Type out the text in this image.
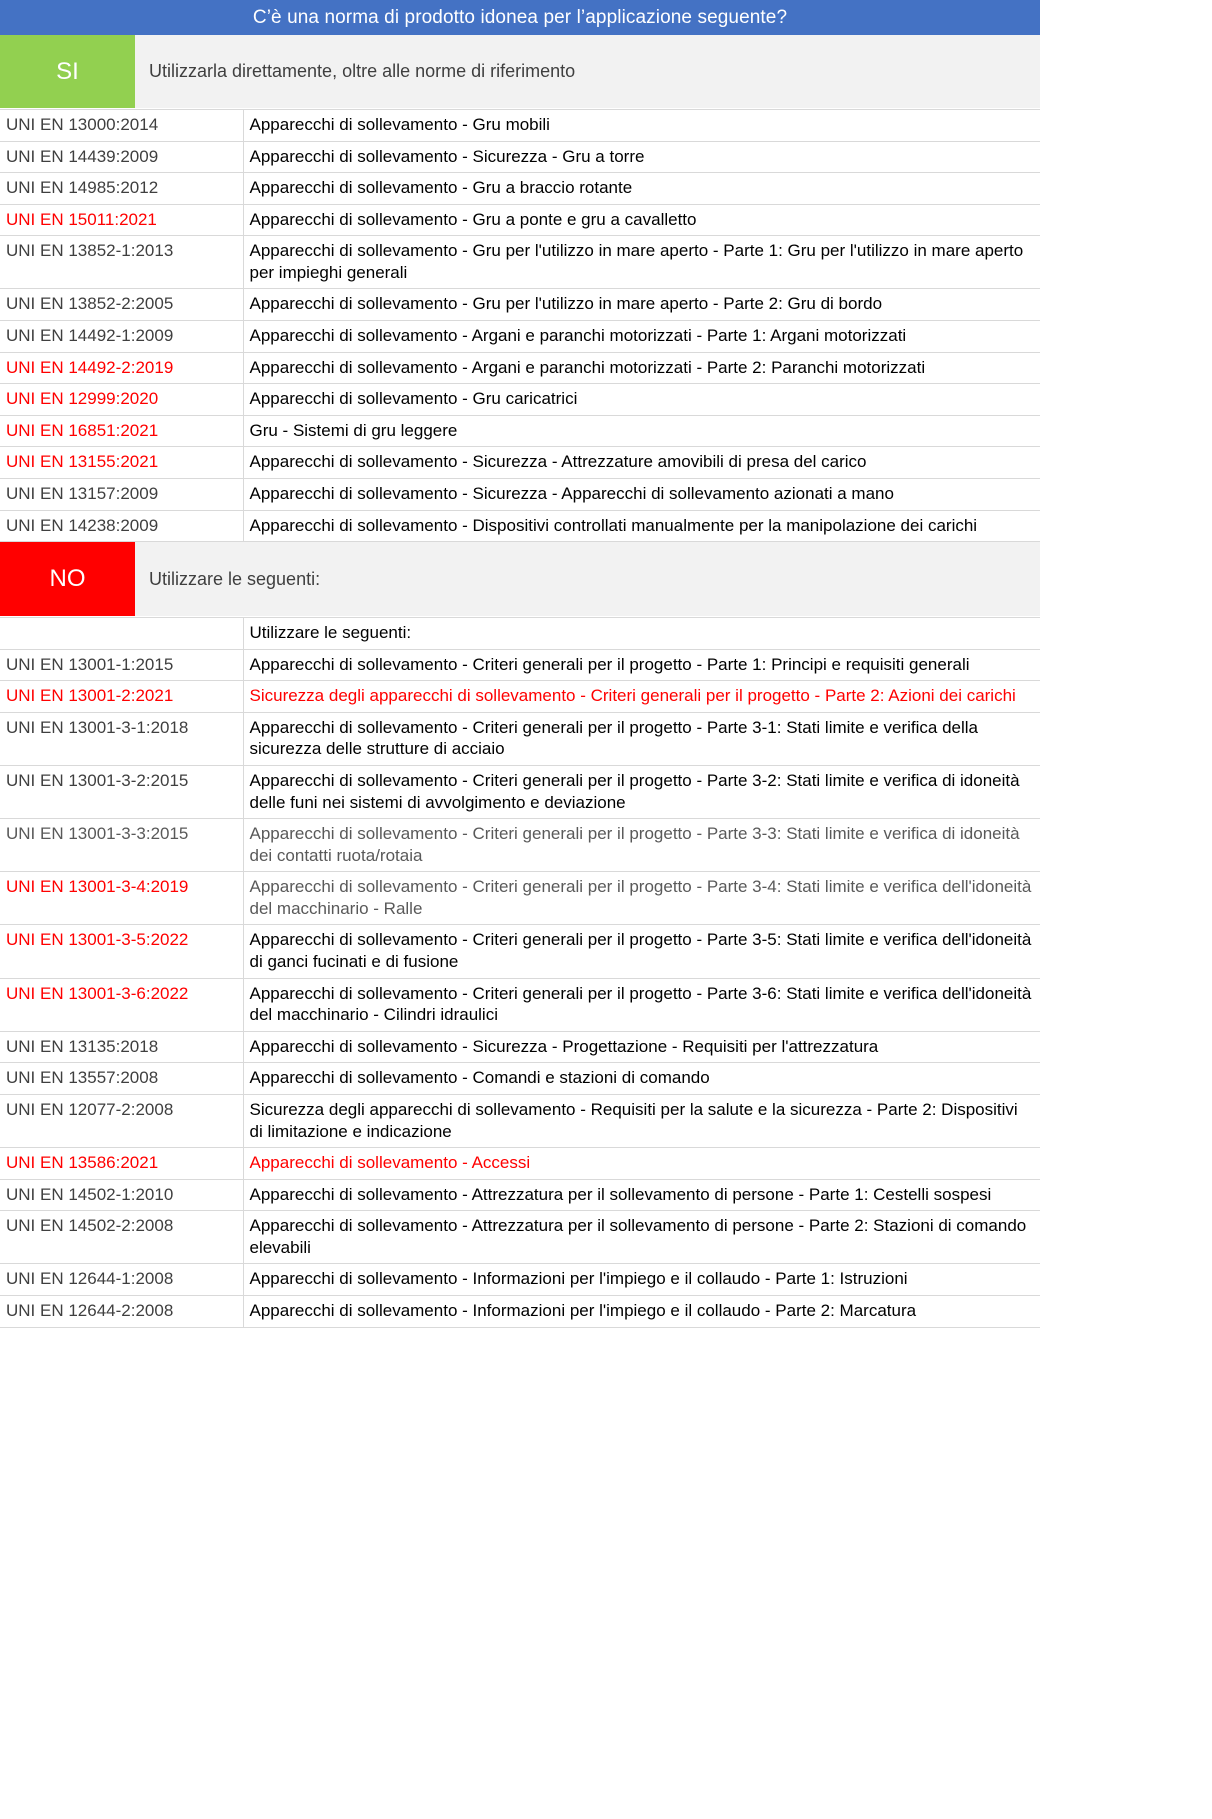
C’è una norma di prodotto idonea per l’applicazione seguente?
SI	Utilizzarla direttamente, oltre alle norme di riferimento
UNI EN 13000:2014	Apparecchi di sollevamento - Gru mobili
UNI EN 14439:2009	Apparecchi di sollevamento - Sicurezza - Gru a torre
UNI EN 14985:2012	Apparecchi di sollevamento - Gru a braccio rotante
UNI EN 15011:2021	Apparecchi di sollevamento - Gru a ponte e gru a cavalletto
UNI EN 13852-1:2013	Apparecchi di sollevamento - Gru per l'utilizzo in mare aperto - Parte 1: Gru per l'utilizzo in mare aperto per impieghi generali
UNI EN 13852-2:2005	Apparecchi di sollevamento - Gru per l'utilizzo in mare aperto - Parte 2: Gru di bordo
UNI EN 14492-1:2009	Apparecchi di sollevamento - Argani e paranchi motorizzati - Parte 1: Argani motorizzati
UNI EN 14492-2:2019	Apparecchi di sollevamento - Argani e paranchi motorizzati - Parte 2: Paranchi motorizzati
UNI EN 12999:2020	Apparecchi di sollevamento - Gru caricatrici
UNI EN 16851:2021	Gru - Sistemi di gru leggere
UNI EN 13155:2021	Apparecchi di sollevamento - Sicurezza - Attrezzature amovibili di presa del carico
UNI EN 13157:2009	Apparecchi di sollevamento - Sicurezza - Apparecchi di sollevamento azionati a mano
UNI EN 14238:2009	Apparecchi di sollevamento - Dispositivi controllati manualmente per la manipolazione dei carichi
NO	Utilizzare le seguenti:
	Utilizzare le seguenti:
UNI EN 13001-1:2015	Apparecchi di sollevamento - Criteri generali per il progetto - Parte 1: Principi e requisiti generali
UNI EN 13001-2:2021	Sicurezza degli apparecchi di sollevamento - Criteri generali per il progetto - Parte 2: Azioni dei carichi
UNI EN 13001-3-1:2018	Apparecchi di sollevamento - Criteri generali per il progetto - Parte 3-1: Stati limite e verifica della sicurezza delle strutture di acciaio
UNI EN 13001-3-2:2015	Apparecchi di sollevamento - Criteri generali per il progetto - Parte 3-2: Stati limite e verifica di idoneità delle funi nei sistemi di avvolgimento e deviazione
UNI EN 13001-3-3:2015	Apparecchi di sollevamento - Criteri generali per il progetto - Parte 3-3: Stati limite e verifica di idoneità dei contatti ruota/rotaia
UNI EN 13001-3-4:2019	Apparecchi di sollevamento - Criteri generali per il progetto - Parte 3-4: Stati limite e verifica dell'idoneità del macchinario - Ralle
UNI EN 13001-3-5:2022	Apparecchi di sollevamento - Criteri generali per il progetto - Parte 3-5: Stati limite e verifica dell'idoneità di ganci fucinati e di fusione
UNI EN 13001-3-6:2022	Apparecchi di sollevamento - Criteri generali per il progetto - Parte 3-6: Stati limite e verifica dell'idoneità del macchinario - Cilindri idraulici
UNI EN 13135:2018	Apparecchi di sollevamento - Sicurezza - Progettazione - Requisiti per l'attrezzatura
UNI EN 13557:2008	Apparecchi di sollevamento - Comandi e stazioni di comando
UNI EN 12077-2:2008	Sicurezza degli apparecchi di sollevamento - Requisiti per la salute e la sicurezza - Parte 2: Dispositivi di limitazione e indicazione
UNI EN 13586:2021	Apparecchi di sollevamento - Accessi
UNI EN 14502-1:2010	Apparecchi di sollevamento - Attrezzatura per il sollevamento di persone - Parte 1: Cestelli sospesi
UNI EN 14502-2:2008	Apparecchi di sollevamento - Attrezzatura per il sollevamento di persone - Parte 2: Stazioni di comando elevabili
UNI EN 12644-1:2008	Apparecchi di sollevamento - Informazioni per l'impiego e il collaudo - Parte 1: Istruzioni
UNI EN 12644-2:2008	Apparecchi di sollevamento - Informazioni per l'impiego e il collaudo - Parte 2: Marcatura
